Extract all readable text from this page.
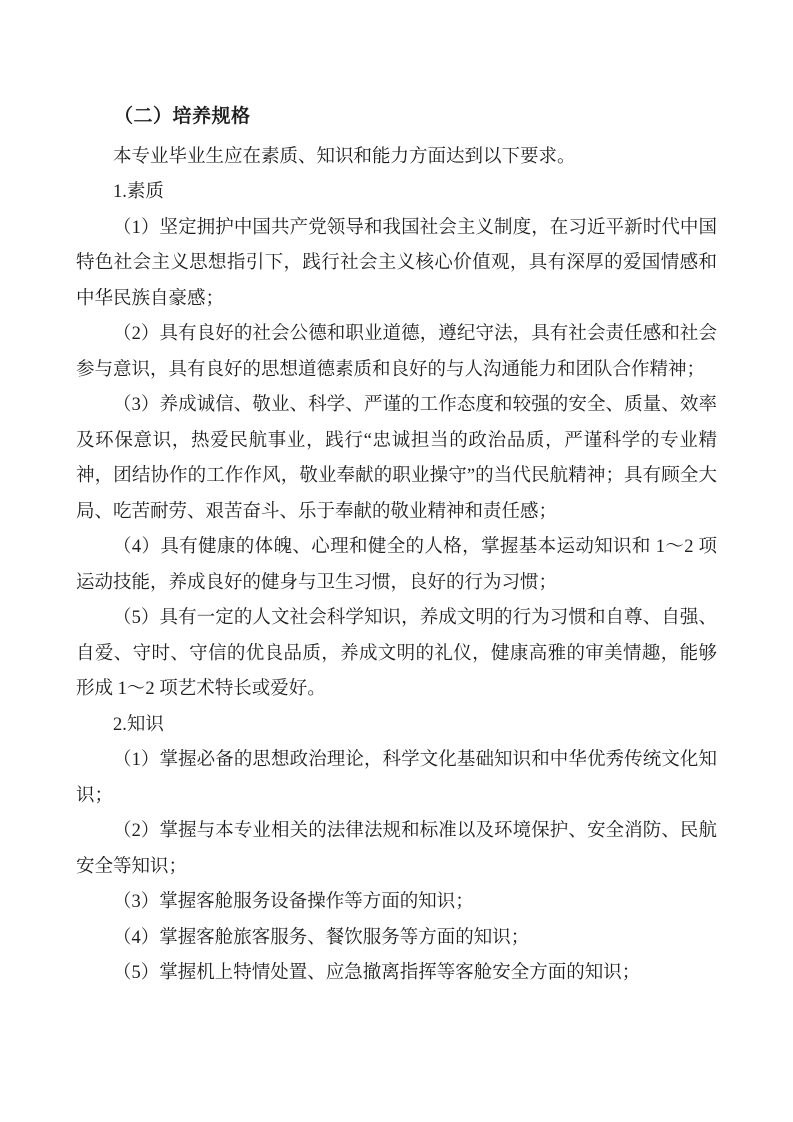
（二）培养规格

本专业毕业生应在素质、知识和能力方面达到以下要求。

1.素质

（1）坚定拥护中国共产党领导和我国社会主义制度，在习近平新时代中国特色社会主义思想指引下，践行社会主义核心价值观，具有深厚的爱国情感和中华民族自豪感；

（2）具有良好的社会公德和职业道德，遵纪守法，具有社会责任感和社会参与意识，具有良好的思想道德素质和良好的与人沟通能力和团队合作精神；

（3）养成诚信、敬业、科学、严谨的工作态度和较强的安全、质量、效率及环保意识，热爱民航事业，践行“忠诚担当的政治品质，严谨科学的专业精神，团结协作的工作作风，敬业奉献的职业操守”的当代民航精神；具有顾全大局、吃苦耐劳、艰苦奋斗、乐于奉献的敬业精神和责任感；

（4）具有健康的体魄、心理和健全的人格，掌握基本运动知识和 1～2 项运动技能，养成良好的健身与卫生习惯，良好的行为习惯；

（5）具有一定的人文社会科学知识，养成文明的行为习惯和自尊、自强、自爱、守时、守信的优良品质，养成文明的礼仪，健康高雅的审美情趣，能够形成 1～2 项艺术特长或爱好。

2.知识

（1）掌握必备的思想政治理论，科学文化基础知识和中华优秀传统文化知识；

（2）掌握与本专业相关的法律法规和标准以及环境保护、安全消防、民航安全等知识；

（3）掌握客舱服务设备操作等方面的知识；

（4）掌握客舱旅客服务、餐饮服务等方面的知识；

（5）掌握机上特情处置、应急撤离指挥等客舱安全方面的知识；
